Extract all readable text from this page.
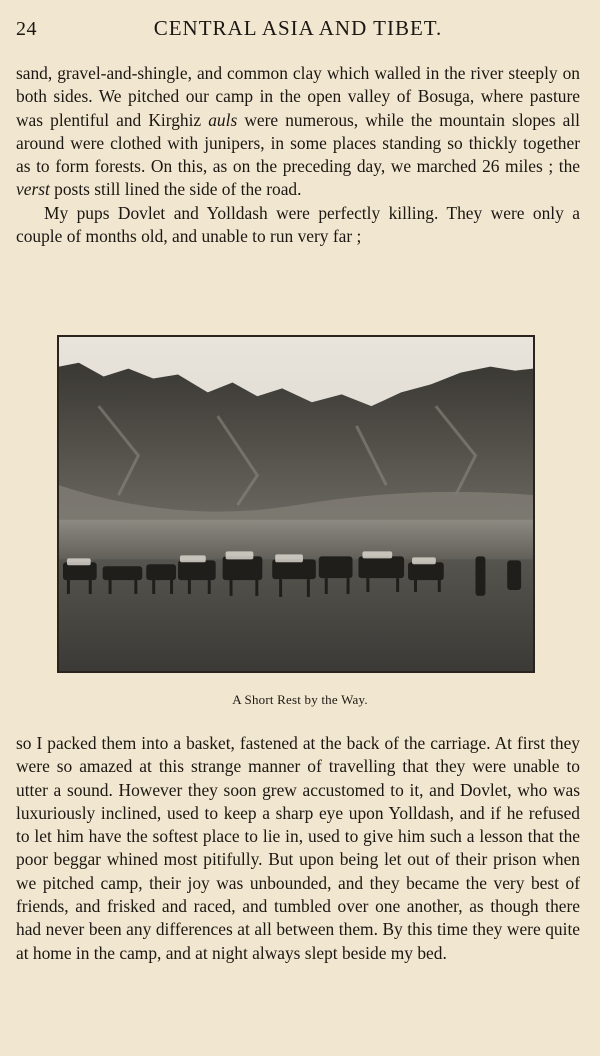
24	CENTRAL ASIA AND TIBET.

sand, gravel-and-shingle, and common clay which walled in the river steeply on both sides. We pitched our camp in the open valley of Bosuga, where pasture was plentiful and Kirghiz auls were numerous, while the mountain slopes all around were clothed with junipers, in some places standing so thickly together as to form forests. On this, as on the preceding day, we marched 26 miles ; the verst posts still lined the side of the road.

My pups Dovlet and Yolldash were perfectly killing. They were only a couple of months old, and unable to run very far ;

A Short Rest by the Way.

so I packed them into a basket, fastened at the back of the carriage. At first they were so amazed at this strange manner of travelling that they were unable to utter a sound. However they soon grew accustomed to it, and Dovlet, who was luxuriously inclined, used to keep a sharp eye upon Yolldash, and if he refused to let him have the softest place to lie in, used to give him such a lesson that the poor beggar whined most pitifully. But upon being let out of their prison when we pitched camp, their joy was unbounded, and they became the very best of friends, and frisked and raced, and tumbled over one another, as though there had never been any differences at all between them. By this time they were quite at home in the camp, and at night always slept beside my bed.
